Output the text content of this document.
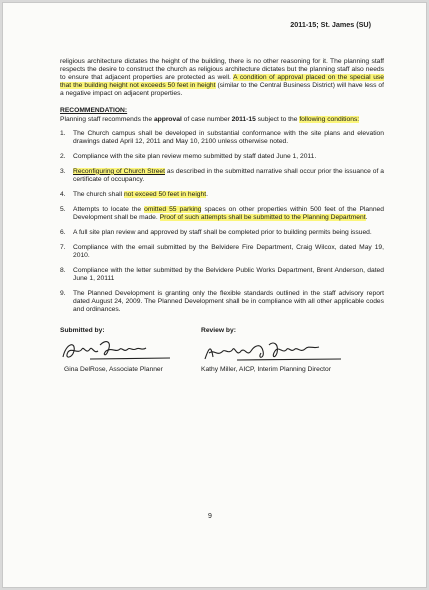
2011-15; St. James (SU)

religious architecture dictates the height of the building, there is no other reasoning for it. The planning staff respects the desire to construct the church as religious architecture dictates but the planning staff also needs to ensure that adjacent properties are protected as well. A condition of approval placed on the special use that the building height not exceeds 50 feet in height (similar to the Central Business District) will have less of a negative impact on adjacent properties.

RECOMMENDATION:

Planning staff recommends the approval of case number 2011-15 subject to the following conditions:

1. The Church campus shall be developed in substantial conformance with the site plans and elevation drawings dated April 12, 2011 and May 10, 2100 unless otherwise noted.
2. Compliance with the site plan review memo submitted by staff dated June 1, 2011.
3. Reconfiguring of Church Street as described in the submitted narrative shall occur prior the issuance of a certificate of occupancy.
4. The church shall not exceed 50 feet in height.
5. Attempts to locate the omitted 55 parking spaces on other properties within 500 feet of the Planned Development shall be made. Proof of such attempts shall be submitted to the Planning Department.
6. A full site plan review and approved by staff shall be completed prior to building permits being issued.
7. Compliance with the email submitted by the Belvidere Fire Department, Craig Wilcox, dated May 19, 2010.
8. Compliance with the letter submitted by the Belvidere Public Works Department, Brent Anderson, dated June 1, 20111
9. The Planned Development is granting only the flexible standards outlined in the staff advisory report dated August 24, 2009. The Planned Development shall be in compliance with all other applicable codes and ordinances.
Submitted by:
Gina DelRose, Associate Planner
Review by:
Kathy Miller, AICP, Interim Planning Director
9
